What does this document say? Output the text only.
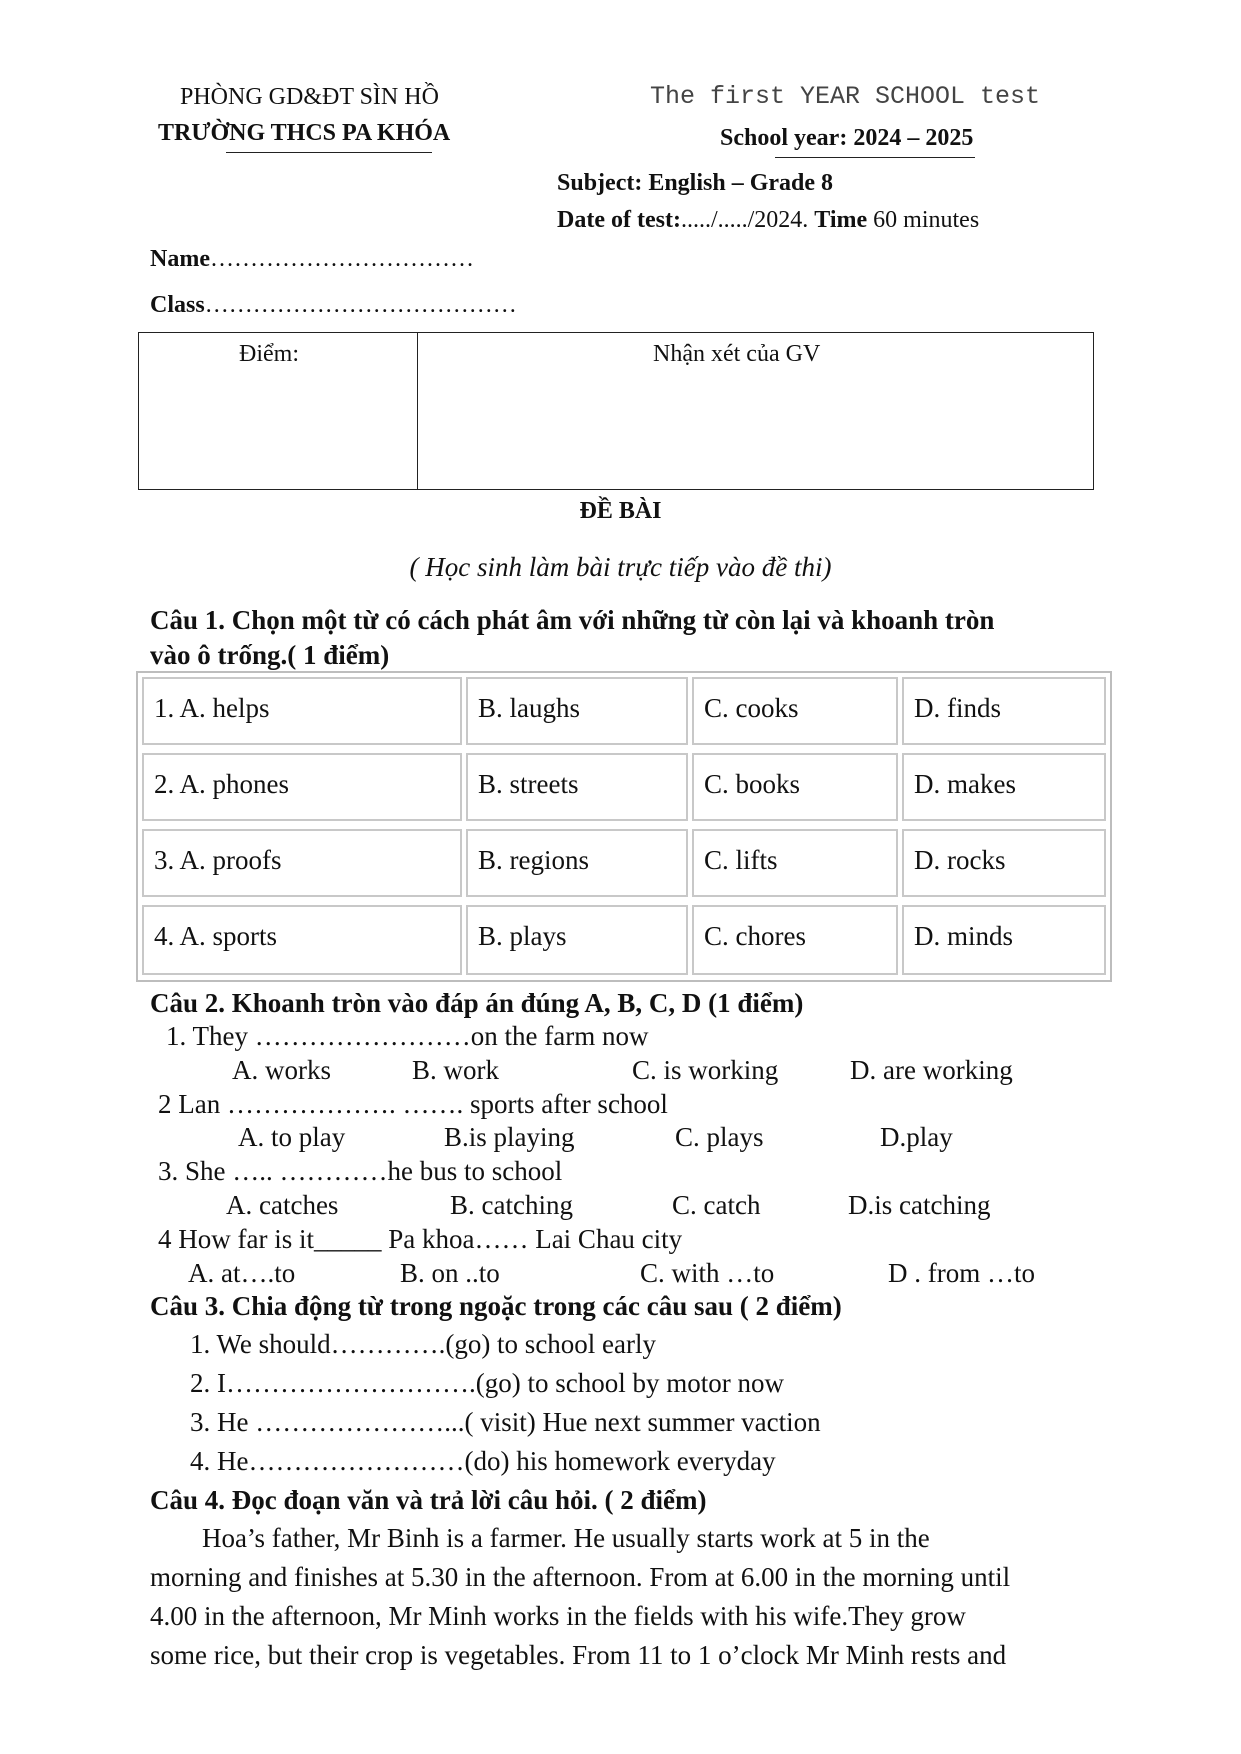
PHÒNG GD&ĐT SÌN HỒ
TRƯỜNG THCS PA KHÓA
The first YEAR SCHOOL test
School year: 2024 – 2025
Subject: English – Grade 8
Date of test:...../...../2024. Time 60 minutes
Name……………………………
Class…………………………………
Điểm:	Nhận xét của GV
ĐỀ BÀI
( Học sinh làm bài trực tiếp vào đề thi)
Câu 1. Chọn một từ có cách phát âm với những từ còn lại và khoanh tròn
vào ô trống.( 1 điểm)
1. A. helps	B. laughs	C. cooks	D. finds
2. A. phones	B. streets	C. books	D. makes
3. A. proofs	B. regions	C. lifts	D. rocks
4. A. sports	B. plays	C. chores	D. minds
Câu 2. Khoanh tròn vào đáp án đúng A, B, C, D (1 điểm)
1. They ……………………on the farm now
A. works	B. work	C. is working	D. are working
2 Lan ………………. ……. sports after school
A. to play	B.is playing	C. plays	D.play
3. She ….. …………he bus to school
A. catches	B. catching	C. catch	D.is catching
4 How far is it_____ Pa khoa…… Lai Chau city
A. at….to	B. on ..to	C. with …to	D . from …to
Câu 3. Chia động từ trong ngoặc trong các câu sau ( 2 điểm)
1. We should………….(go) to school early
2. I……………………….(go) to school by motor now
3. He …………………...( visit) Hue next summer vaction
4. He……………………(do) his homework everyday
Câu 4. Đọc đoạn văn và trả lời câu hỏi. ( 2 điểm)
Hoa’s father, Mr Binh is a farmer. He usually starts work at 5 in the
morning and finishes at 5.30 in the afternoon. From at 6.00 in the morning until
4.00 in the afternoon, Mr Minh works in the fields with his wife.They grow
some rice, but their crop is vegetables. From 11 to 1 o’clock Mr Minh rests and
